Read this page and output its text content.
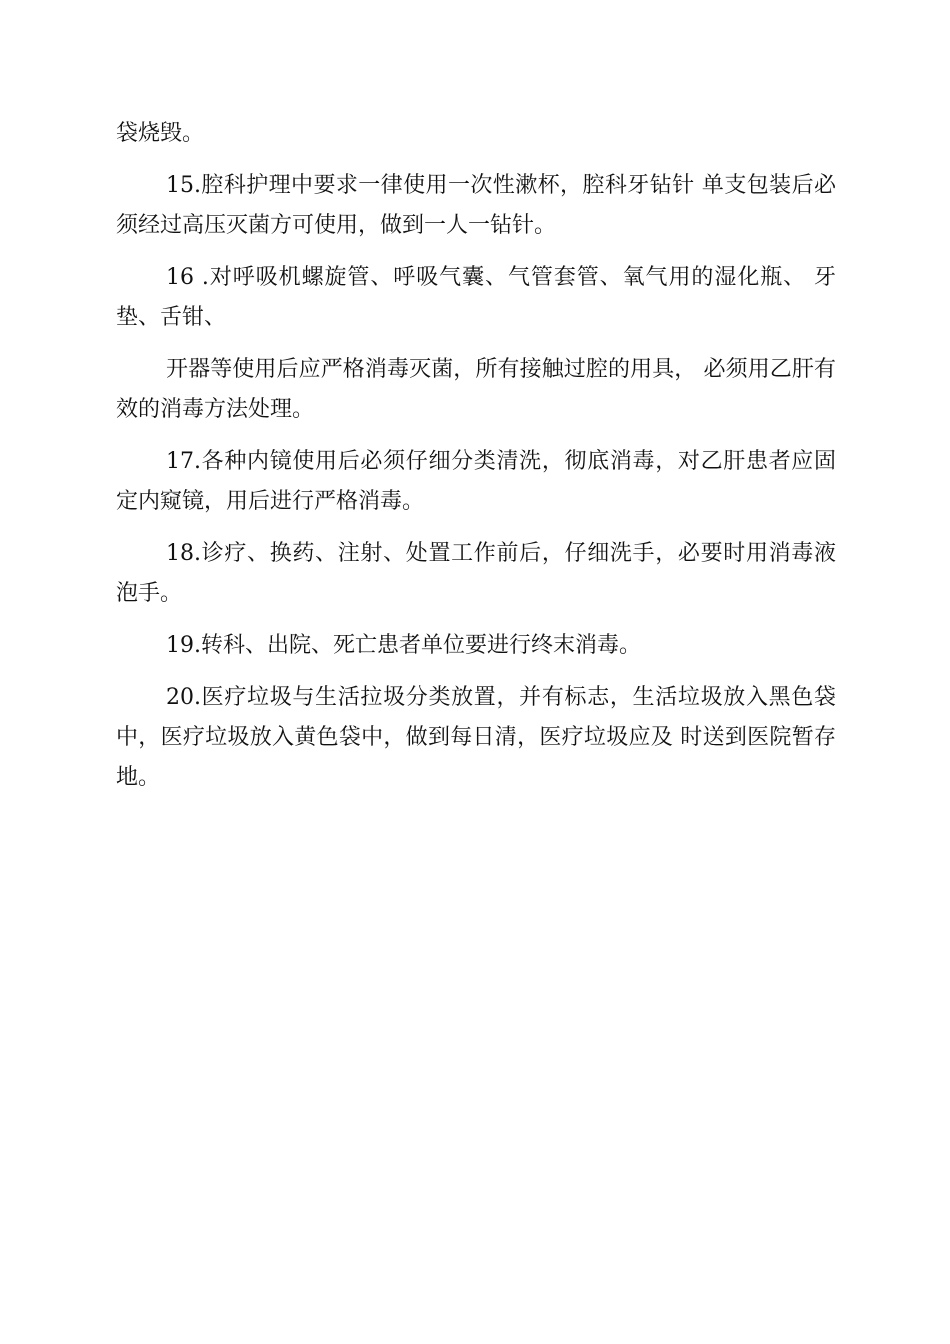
袋烧毁。

15.腔科护理中要求一律使用一次性漱杯，腔科牙钻针 单支包装后必须经过高压灭菌方可使用，做到一人一钻针。

16 .对呼吸机螺旋管、呼吸气囊、气管套管、氧气用的湿化瓶、 牙垫、舌钳、

开器等使用后应严格消毒灭菌，所有接触过腔的用具， 必须用乙肝有效的消毒方法处理。

17.各种内镜使用后必须仔细分类清洗，彻底消毒，对乙肝患者应固定内窥镜，用后进行严格消毒。

18.诊疗、换药、注射、处置工作前后，仔细洗手，必要时用消毒液泡手。

19.转科、出院、死亡患者单位要进行终末消毒。

20.医疗垃圾与生活拉圾分类放置，并有标志，生活垃圾放入黑色袋中，医疗垃圾放入黄色袋中，做到每日清，医疗垃圾应及 时送到医院暂存地。
